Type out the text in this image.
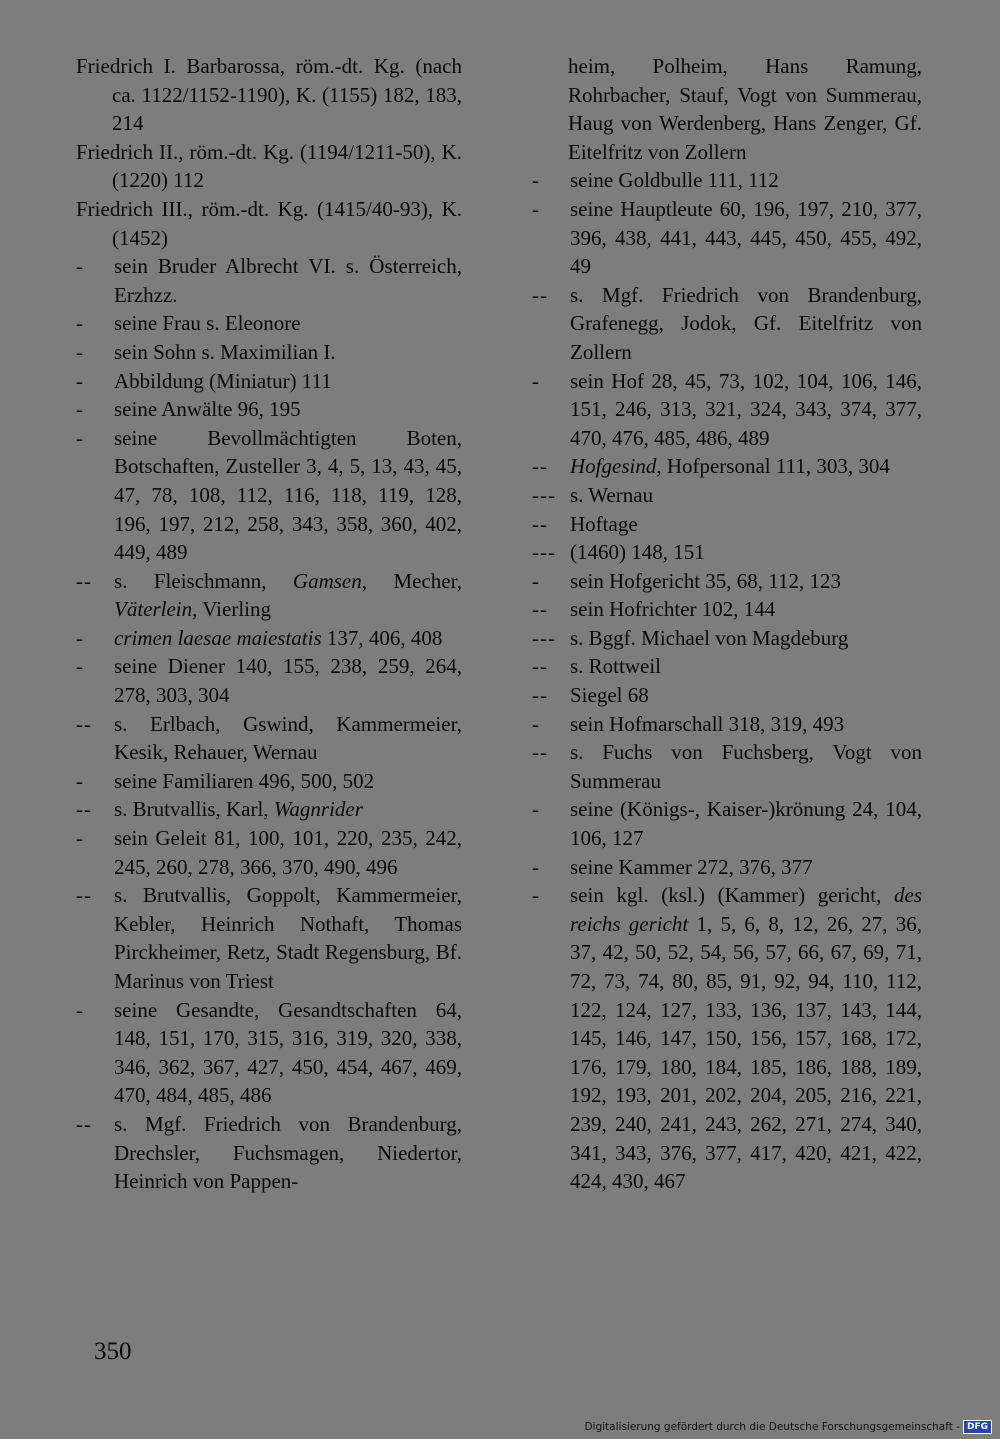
Friedrich I. Barbarossa, röm.-dt. Kg. (nach ca. 1122/1152-1190), K. (1155) 182, 183, 214
Friedrich II., röm.-dt. Kg. (1194/1211-50), K. (1220) 112
Friedrich III., röm.-dt. Kg. (1415/40-93), K. (1452)
-	sein Bruder Albrecht VI. s. Österreich, Erzhzz.
-	seine Frau s. Eleonore
-	sein Sohn s. Maximilian I.
-	Abbildung (Miniatur) 111
-	seine Anwälte 96, 195
-	seine Bevollmächtigten Boten, Botschaften, Zusteller 3, 4, 5, 13, 43, 45, 47, 78, 108, 112, 116, 118, 119, 128, 196, 197, 212, 258, 343, 358, 360, 402, 449, 489
--	s. Fleischmann, Gamsen, Mecher, Väterlein, Vierling
-	crimen laesae maiestatis 137, 406, 408
-	seine Diener 140, 155, 238, 259, 264, 278, 303, 304
--	s. Erlbach, Gswind, Kammermeier, Kesik, Rehauer, Wernau
-	seine Familiaren 496, 500, 502
--	s. Brutvallis, Karl, Wagnrider
-	sein Geleit 81, 100, 101, 220, 235, 242, 245, 260, 278, 366, 370, 490, 496
--	s. Brutvallis, Goppolt, Kammermeier, Kebler, Heinrich Nothaft, Thomas Pirckheimer, Retz, Stadt Regensburg, Bf. Marinus von Triest
-	seine Gesandte, Gesandtschaften 64, 148, 151, 170, 315, 316, 319, 320, 338, 346, 362, 367, 427, 450, 454, 467, 469, 470, 484, 485, 486
--	s. Mgf. Friedrich von Brandenburg, Drechsler, Fuchsmagen, Niedertor, Heinrich von Pappen-
heim, Polheim, Hans Ramung, Rohrbacher, Stauf, Vogt von Summerau, Haug von Werdenberg, Hans Zenger, Gf. Eitelfritz von Zollern
-	seine Goldbulle 111, 112
-	seine Hauptleute 60, 196, 197, 210, 377, 396, 438, 441, 443, 445, 450, 455, 492, 49
--	s. Mgf. Friedrich von Brandenburg, Grafenegg, Jodok, Gf. Eitelfritz von Zollern
-	sein Hof 28, 45, 73, 102, 104, 106, 146, 151, 246, 313, 321, 324, 343, 374, 377, 470, 476, 485, 486, 489
--	Hofgesind, Hofpersonal 111, 303, 304
--- s. Wernau
--	Hoftage
--- (1460) 148, 151
-	sein Hofgericht 35, 68, 112, 123
--	sein Hofrichter 102, 144
--- s. Bggf. Michael von Magdeburg
--	s. Rottweil
--	Siegel 68
-	sein Hofmarschall 318, 319, 493
--	s. Fuchs von Fuchsberg, Vogt von Summerau
-	seine (Königs-, Kaiser-)krönung 24, 104, 106, 127
-	seine Kammer 272, 376, 377
-	sein kgl. (ksl.) (Kammer) gericht, des reichs gericht 1, 5, 6, 8, 12, 26, 27, 36, 37, 42, 50, 52, 54, 56, 57, 66, 67, 69, 71, 72, 73, 74, 80, 85, 91, 92, 94, 110, 112, 122, 124, 127, 133, 136, 137, 143, 144, 145, 146, 147, 150, 156, 157, 168, 172, 176, 179, 180, 184, 185, 186, 188, 189, 192, 193, 201, 202, 204, 205, 216, 221, 239, 240, 241, 243, 262, 271, 274, 340, 341, 343, 376, 377, 417, 420, 421, 422, 424, 430, 467
350
Digitalisierung gefördert durch die Deutsche Forschungsgemeinschaft - DFG
